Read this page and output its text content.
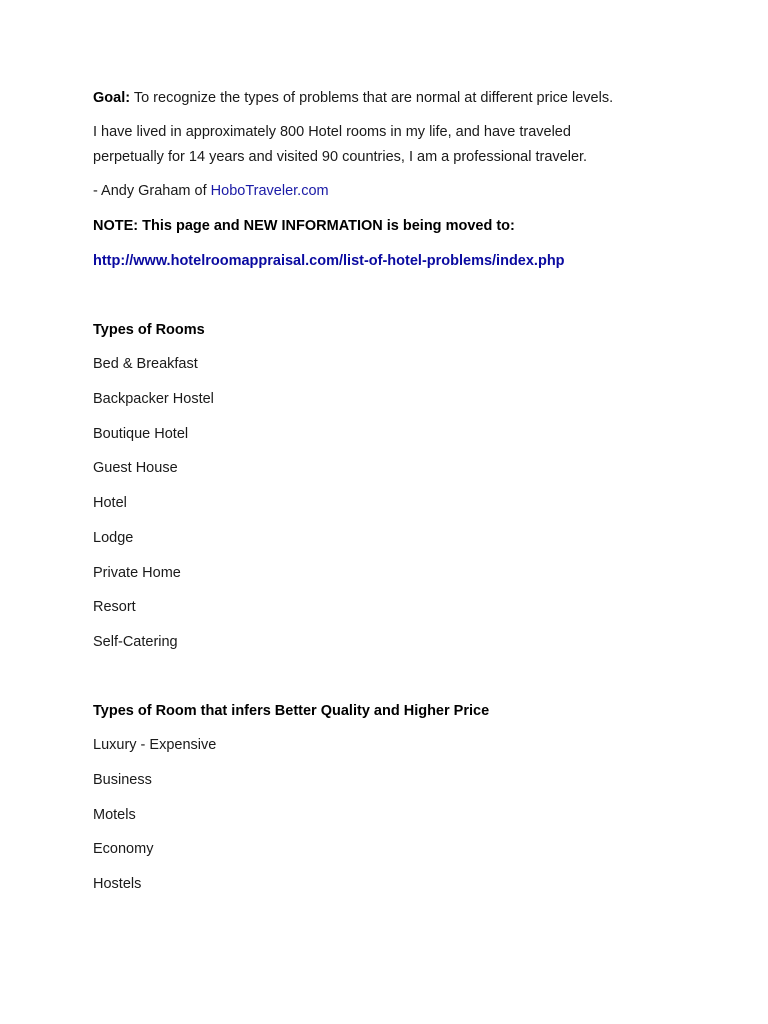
Goal: To recognize the types of problems that are normal at different price levels.

I have lived in approximately 800 Hotel rooms in my life, and have traveled

perpetually for 14 years and visited 90 countries, I am a professional traveler.

- Andy Graham of HoboTraveler.com

NOTE: This page and NEW INFORMATION is being moved to:

http://www.hotelroomappraisal.com/list-of-hotel-problems/index.php

Types of Rooms

Bed & Breakfast

Backpacker Hostel

Boutique Hotel

Guest House

Hotel

Lodge

Private Home

Resort

Self-Catering

Types of Room that infers Better Quality and Higher Price

Luxury - Expensive

Business

Motels

Economy

Hostels
